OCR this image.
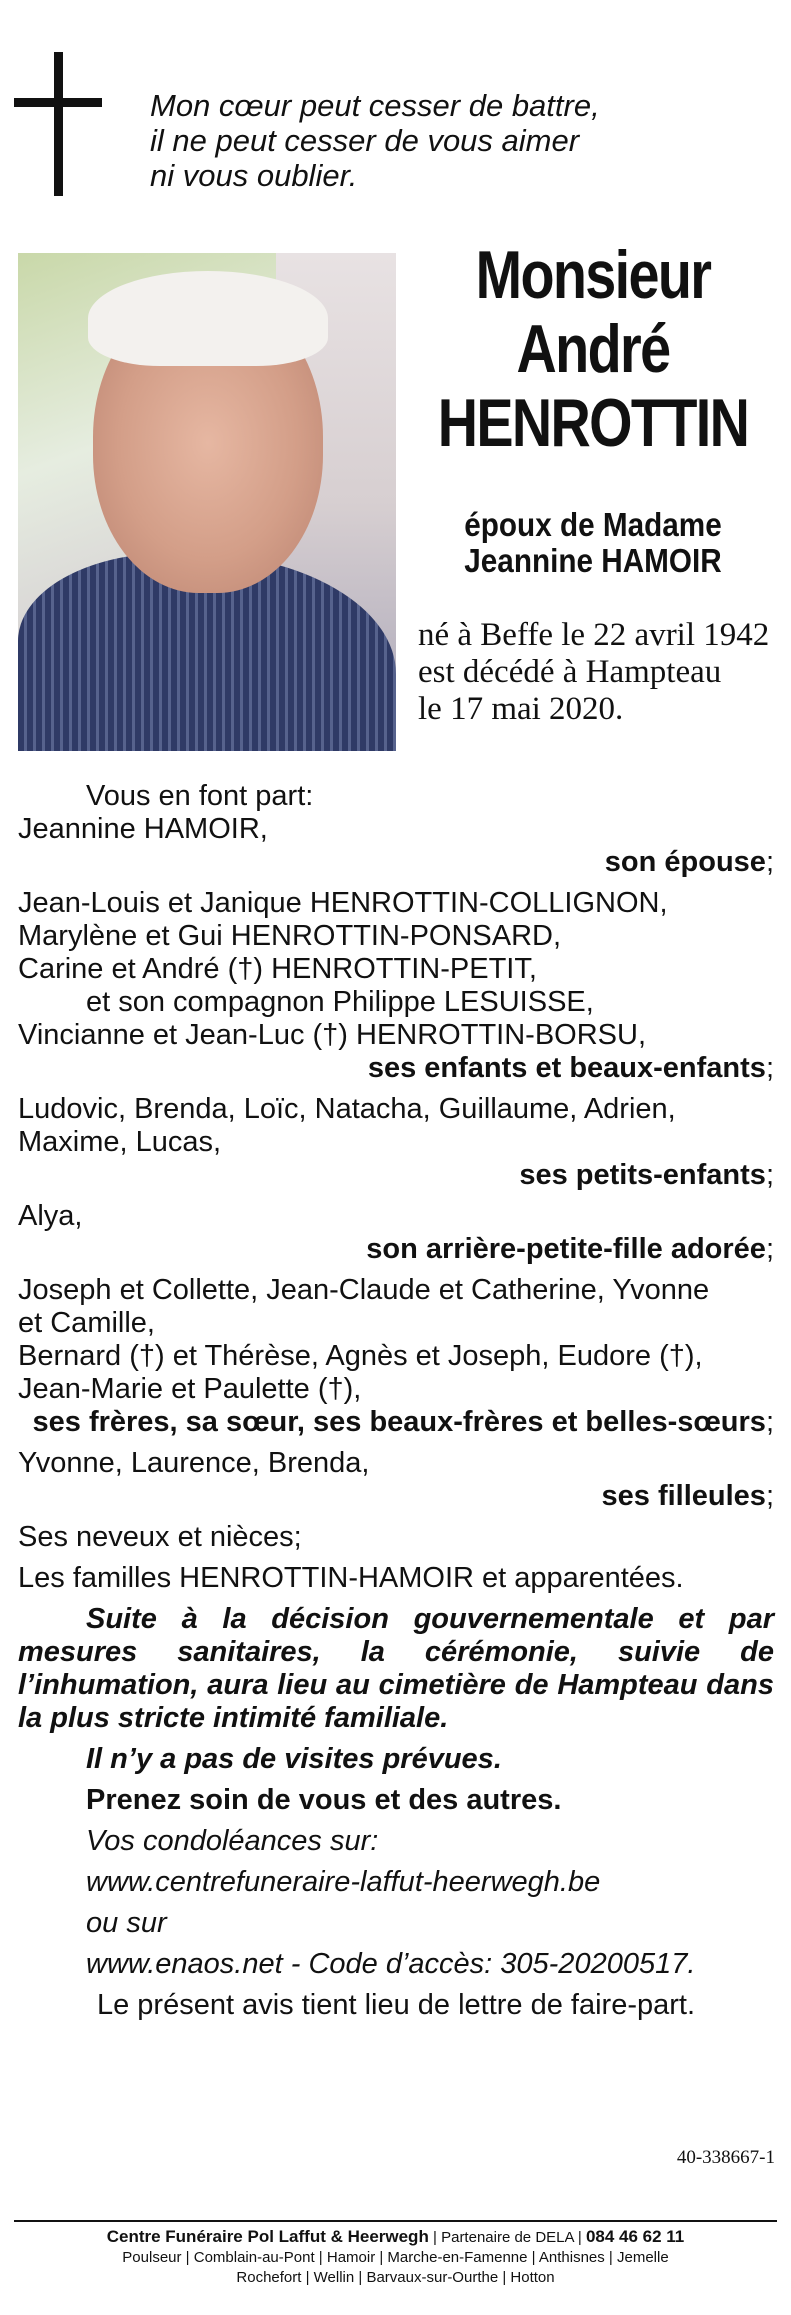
Mon cœur peut cesser de battre,
il ne peut cesser de vous aimer
ni vous oublier.
Monsieur
André
HENROTTIN
époux de Madame
Jeannine HAMOIR
né à Beffe le 22 avril 1942
est décédé à Hampteau
le 17 mai 2020.

Vous en font part:

Jeannine HAMOIR,

son épouse;

Jean-Louis et Janique HENROTTIN-COLLIGNON,

Marylène et Gui HENROTTIN-PONSARD,

Carine et André (†) HENROTTIN-PETIT,

et son compagnon Philippe LESUISSE,

Vincianne et Jean-Luc (†) HENROTTIN-BORSU,

ses enfants et beaux-enfants;

Ludovic, Brenda, Loïc, Natacha, Guillaume, Adrien,

Maxime, Lucas,

ses petits-enfants;

Alya,

son arrière-petite-fille adorée;

Joseph et Collette, Jean-Claude et Catherine, Yvonne

et Camille,

Bernard (†) et Thérèse, Agnès et Joseph, Eudore (†),

Jean-Marie et Paulette (†),

ses frères, sa sœur, ses beaux-frères et belles-sœurs;

Yvonne, Laurence, Brenda,

ses filleules;

Ses neveux et nièces;

Les familles HENROTTIN-HAMOIR et apparentées.

Suite à la décision gouvernementale et par mesures sanitaires, la cérémonie, suivie de l’inhumation, aura lieu au cimetière de Hampteau dans la plus stricte intimité familiale.

Il n’y a pas de visites prévues.

Prenez soin de vous et des autres.

Vos condoléances sur:

www.centrefuneraire-laffut-heerwegh.be

ou sur

www.enaos.net - Code d’accès: 305-20200517.

Le présent avis tient lieu de lettre de faire-part.

40-338667-1
Centre Funéraire Pol Laffut & Heerwegh | Partenaire de DELA | 084 46 62 11
Poulseur | Comblain-au-Pont | Hamoir | Marche-en-Famenne | Anthisnes | Jemelle
Rochefort | Wellin | Barvaux-sur-Ourthe | Hotton
